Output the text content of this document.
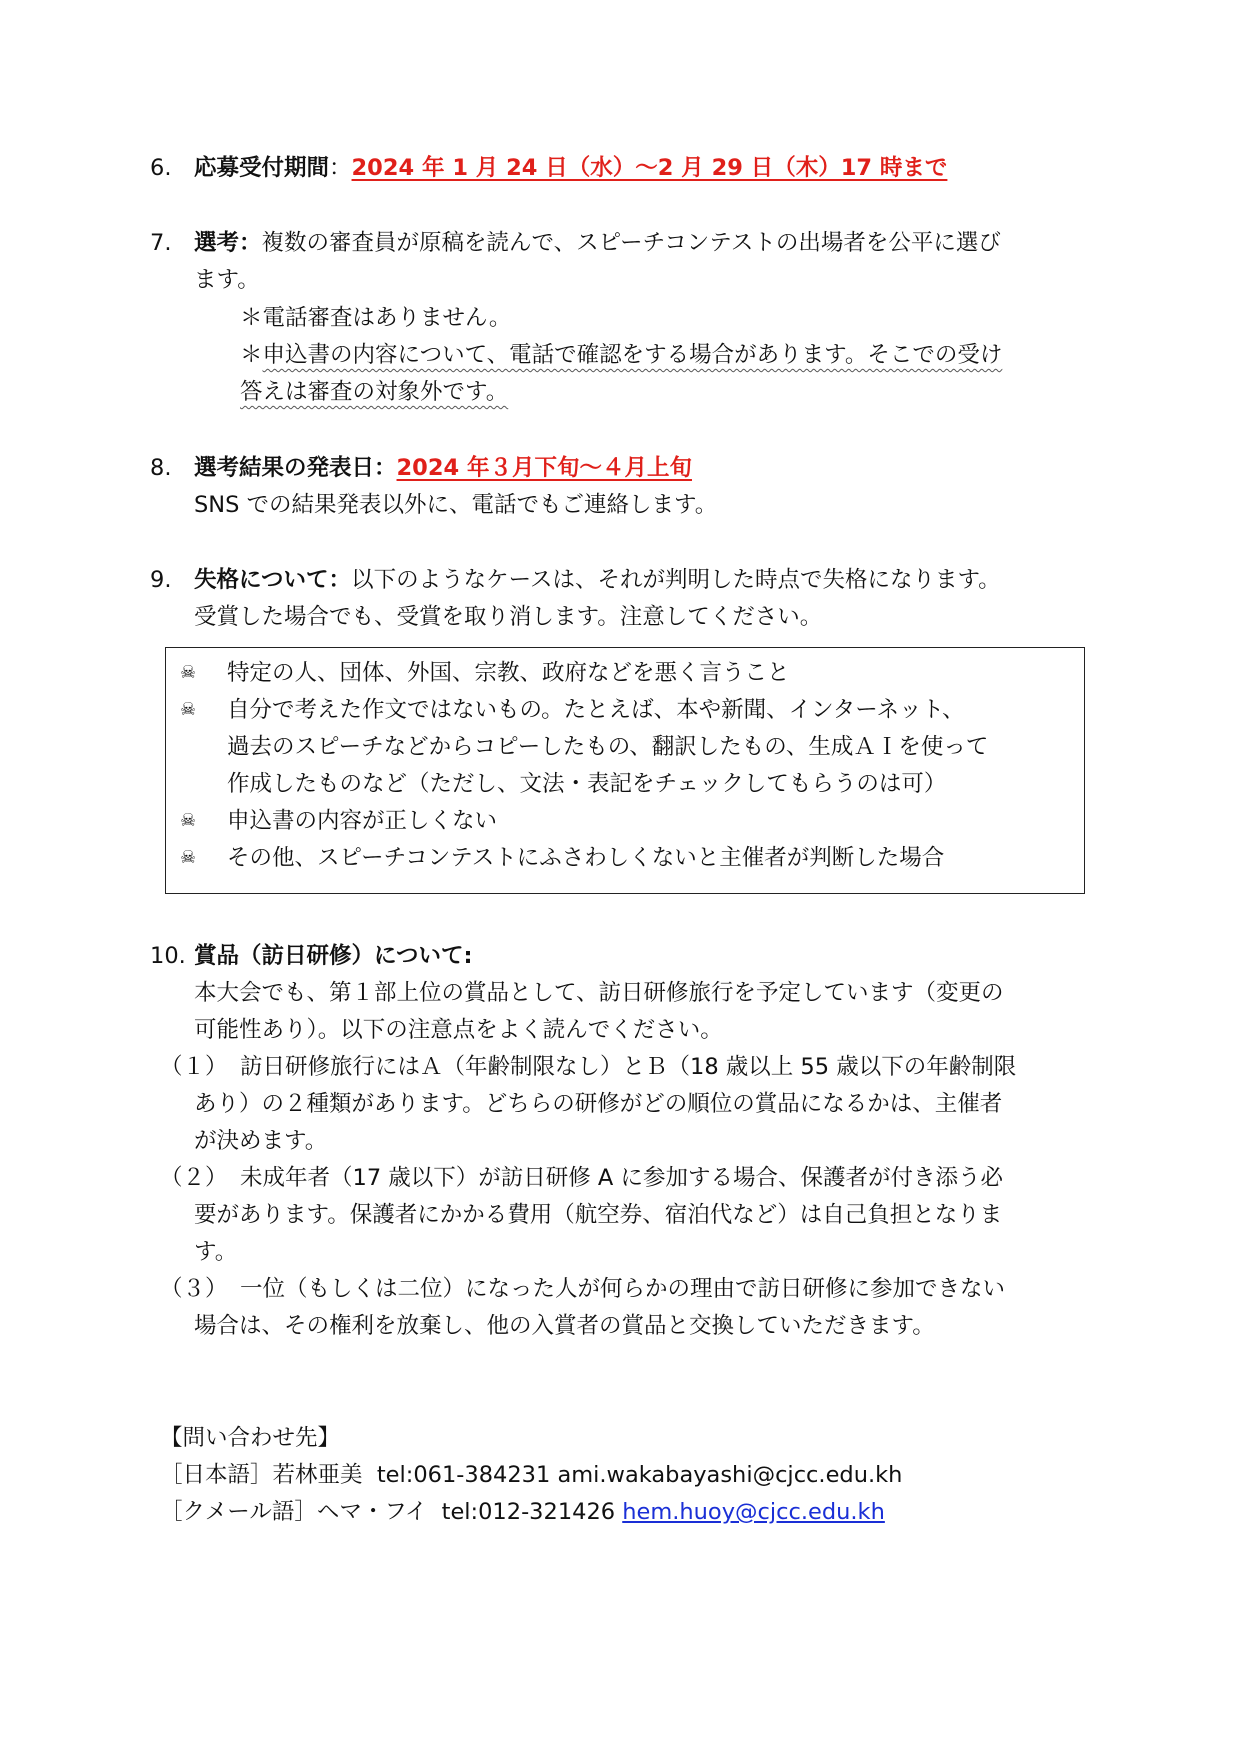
6. 応募受付期間：2024 年 1 月 24 日（水）～2 月 29 日（木）17 時まで
7. 選考：複数の審査員が原稿を読んで、スピーチコンテストの出場者を公平に選び
ます。
＊電話審査はありません。
＊申込書の内容について、電話で確認をする場合があります。そこでの受け
答えは審査の対象外です。
8. 選考結果の発表日：2024 年３月下旬～４月上旬
SNS での結果発表以外に、電話でもご連絡します。
9. 失格について：以下のようなケースは、それが判明した時点で失格になります。
受賞した場合でも、受賞を取り消します。注意してください。
☠ 特定の人、団体、外国、宗教、政府などを悪く言うこと
☠ 自分で考えた作文ではないもの。たとえば、本や新聞、インターネット、
過去のスピーチなどからコピーしたもの、翻訳したもの、生成ＡＩを使って
作成したものなど（ただし、文法・表記をチェックしてもらうのは可）
☠ 申込書の内容が正しくない
☠ その他、スピーチコンテストにふさわしくないと主催者が判断した場合
10. 賞品（訪日研修）について:
本大会でも、第１部上位の賞品として、訪日研修旅行を予定しています（変更の
可能性あり）。以下の注意点をよく読んでください。
（１） 訪日研修旅行にはＡ（年齢制限なし）とＢ（18 歳以上 55 歳以下の年齢制限
あり）の２種類があります。どちらの研修がどの順位の賞品になるかは、主催者
が決めます。
（２） 未成年者（17 歳以下）が訪日研修 A に参加する場合、保護者が付き添う必
要があります。保護者にかかる費用（航空券、宿泊代など）は自己負担となりま
す。
（３） 一位（もしくは二位）になった人が何らかの理由で訪日研修に参加できない
場合は、その権利を放棄し、他の入賞者の賞品と交換していただきます。
【問い合わせ先】
［日本語］若林亜美 tel:061-384231 ami.wakabayashi@cjcc.edu.kh
［クメール語］ヘマ・フイ tel:012-321426 hem.huoy@cjcc.edu.kh
